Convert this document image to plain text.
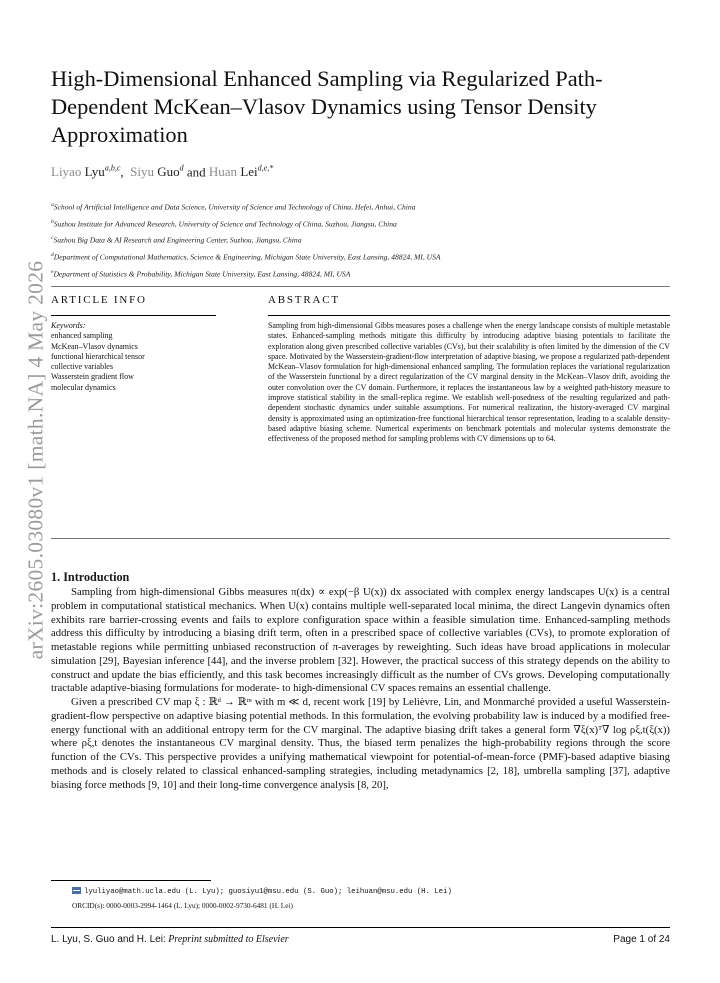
arXiv:2605.03080v1 [math.NA] 4 May 2026
High-Dimensional Enhanced Sampling via Regularized Path-Dependent McKean–Vlasov Dynamics using Tensor Density Approximation
Liyao Lyu$^{a,b,c}$,  Siyu Guo$^d$ and Huan Lei$^{d,e,*}$
$^a$School of Artificial Intelligence and Data Science, University of Science and Technology of China, Hefei, Anhui, China
$^b$Suzhou Institute for Advanced Research, University of Science and Technology of China, Suzhou, Jiangsu, China
$^c$Suzhou Big Data & AI Research and Engineering Center, Suzhou, Jiangsu, China
$^d$Department of Computational Mathematics, Science & Engineering, Michigan State University, East Lansing, 48824, MI, USA
$^e$Department of Statistics & Probability, Michigan State University, East Lansing, 48824, MI, USA
ARTICLE INFO	ABSTRACT
Keywords:
enhanced sampling
McKean–Vlasov dynamics
functional hierarchical tensor
collective variables
Wasserstein gradient flow
molecular dynamics
Sampling from high-dimensional Gibbs measures poses a challenge when the energy landscape consists of multiple metastable states. Enhanced-sampling methods mitigate this difficulty by introducing adaptive biasing potentials to facilitate the exploration along given prescribed collective variables (CVs), but their scalability is often limited by the dimension of the CV space. Motivated by the Wasserstein-gradient-flow interpretation of adaptive biasing, we propose a regularized path-dependent McKean–Vlasov formulation for high-dimensional enhanced sampling. The formulation replaces the variational regularization of the Wasserstein functional by a direct regularization of the CV marginal density in the McKean–Vlasov drift, avoiding the outer convolution over the CV domain. Furthermore, it replaces the instantaneous law by a weighted path-history measure to improve statistical stability in the small-replica regime. We establish well-posedness of the resulting regularized and path-dependent stochastic dynamics under suitable assumptions. For numerical realization, the history-averaged CV marginal density is approximated using an optimization-free functional hierarchical tensor representation, leading to a scalable density-based adaptive biasing scheme. Numerical experiments on benchmark potentials and molecular systems demonstrate the effectiveness of the proposed method for sampling problems with CV dimensions up to 64.
1. Introduction

Sampling from high-dimensional Gibbs measures π(dx) ∝ exp(−β U(x)) dx associated with complex energy landscapes U(x) is a central problem in computational statistical mechanics. When U(x) contains multiple well-separated local minima, the direct Langevin dynamics often exhibits rare barrier-crossing events and fails to explore configuration space within a feasible simulation time. Enhanced-sampling methods address this difficulty by introducing a biasing drift term, often in a prescribed space of collective variables (CVs), to promote exploration of metastable regions while permitting unbiased reconstruction of π-averages by reweighting. Such ideas have broad applications in molecular simulation [29], Bayesian inference [44], and the inverse problem [32]. However, the practical success of this strategy depends on the ability to construct and update the bias efficiently, and this task becomes increasingly difficult as the number of CVs grows. Developing computationally tractable adaptive-biasing formulations for moderate- to high-dimensional CV spaces remains an essential challenge.

Given a prescribed CV map ξ : ℝᵈ → ℝᵐ with m ≪ d, recent work [19] by Lelièvre, Lin, and Monmarché provided a useful Wasserstein-gradient-flow perspective on adaptive biasing potential methods. In this formulation, the evolving probability law is induced by a modified free-energy functional with an additional entropy term for the CV marginal. The adaptive biasing drift takes a general form ∇ξ(x)ᵀ∇ log ρξ,t(ξ(x)) where ρξ,t denotes the instantaneous CV marginal density. Thus, the biased term penalizes the high-probability regions through the score function of the CVs. This perspective provides a unifying mathematical viewpoint for potential-of-mean-force (PMF)-based adaptive biasing methods and is closely related to classical enhanced-sampling strategies, including metadynamics [2, 18], umbrella sampling [37], adaptive biasing force methods [9, 10] and their long-time convergence analysis [8, 20],

lyuliyao@math.ucla.edu (L. Lyu); guosiyu1@msu.edu (S. Guo); leihuan@msu.edu (H. Lei)
ORCID(s): 0000-0003-2994-1464 (L. Lyu); 0000-0002-9730-6481 (H. Lei)
L. Lyu, S. Guo and H. Lei: Preprint submitted to Elsevier	Page 1 of 24
